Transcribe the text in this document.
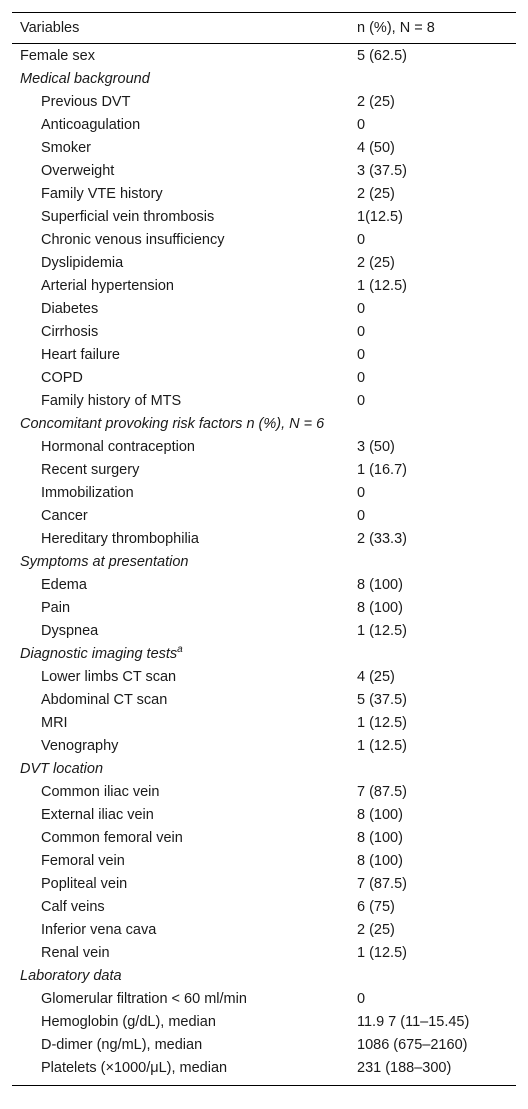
Variables	n (%), N = 8
Female sex	5 (62.5)
Medical background
Previous DVT	2 (25)
Anticoagulation	0
Smoker	4 (50)
Overweight	3 (37.5)
Family VTE history	2 (25)
Superficial vein thrombosis	1(12.5)
Chronic venous insufficiency	0
Dyslipidemia	2 (25)
Arterial hypertension	1 (12.5)
Diabetes	0
Cirrhosis	0
Heart failure	0
COPD	0
Family history of MTS	0
Concomitant provoking risk factors n (%), N = 6
Hormonal contraception	3 (50)
Recent surgery	1 (16.7)
Immobilization	0
Cancer	0
Hereditary thrombophilia	2 (33.3)
Symptoms at presentation
Edema	8 (100)
Pain	8 (100)
Dyspnea	1 (12.5)
Diagnostic imaging tests$^a$
Lower limbs CT scan	4 (25)
Abdominal CT scan	5 (37.5)
MRI	1 (12.5)
Venography	1 (12.5)
DVT location
Common iliac vein	7 (87.5)
External iliac vein	8 (100)
Common femoral vein	8 (100)
Femoral vein	8 (100)
Popliteal vein	7 (87.5)
Calf veins	6 (75)
Inferior vena cava	2 (25)
Renal vein	1 (12.5)
Laboratory data
Glomerular filtration < 60 ml/min	0
Hemoglobin (g/dL), median	11.9 7 (11–15.45)
D-dimer (ng/mL), median	1086 (675–2160)
Platelets (×1000/μL), median	231 (188–300)
